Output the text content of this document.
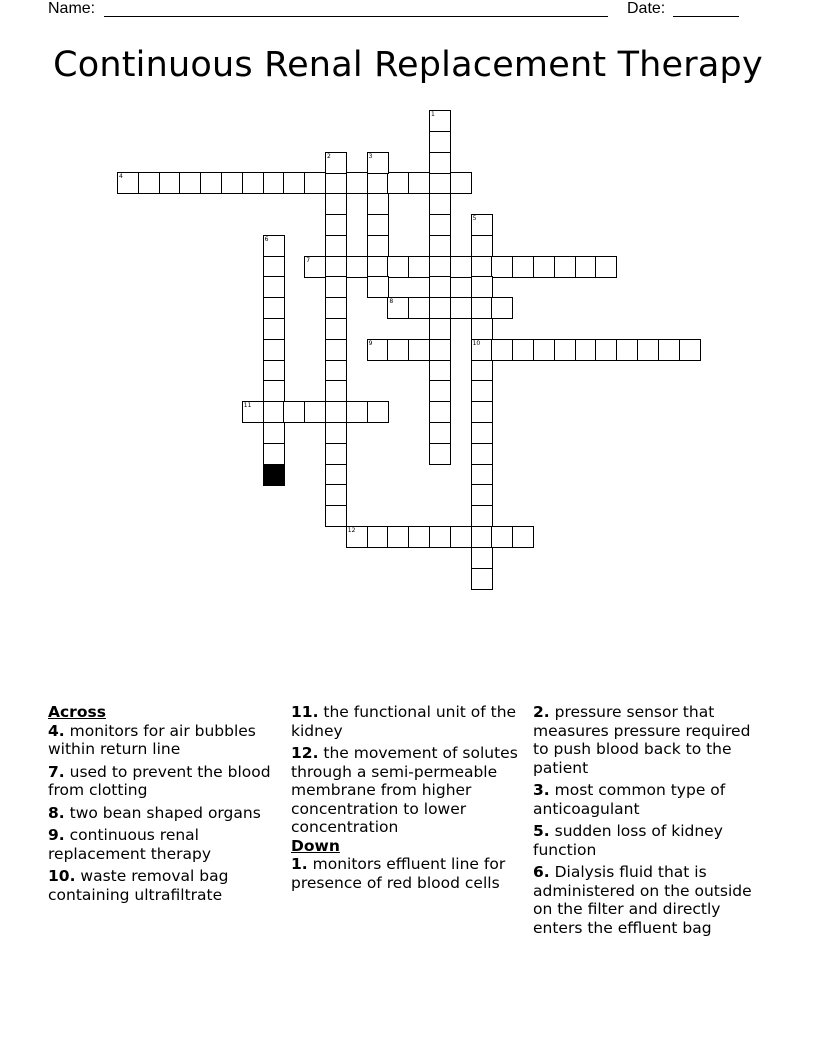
Name:	Date:
Continuous Renal Replacement Therapy
4
7
8
9	10
11
12
1
2	3
5
6
Across
4. monitors for air bubbles within return line
7. used to prevent the blood from clotting
8. two bean shaped organs
9. continuous renal replacement therapy
10. waste removal bag containing ultrafiltrate
11. the functional unit of the kidney
12. the movement of solutes through a semi-permeable membrane from higher concentration to lower concentration
Down
1. monitors effluent line for presence of red blood cells
2. pressure sensor that measures pressure required to push blood back to the patient
3. most common type of anticoagulant
5. sudden loss of kidney function
6. Dialysis fluid that is administered on the outside on the filter and directly enters the effluent bag
